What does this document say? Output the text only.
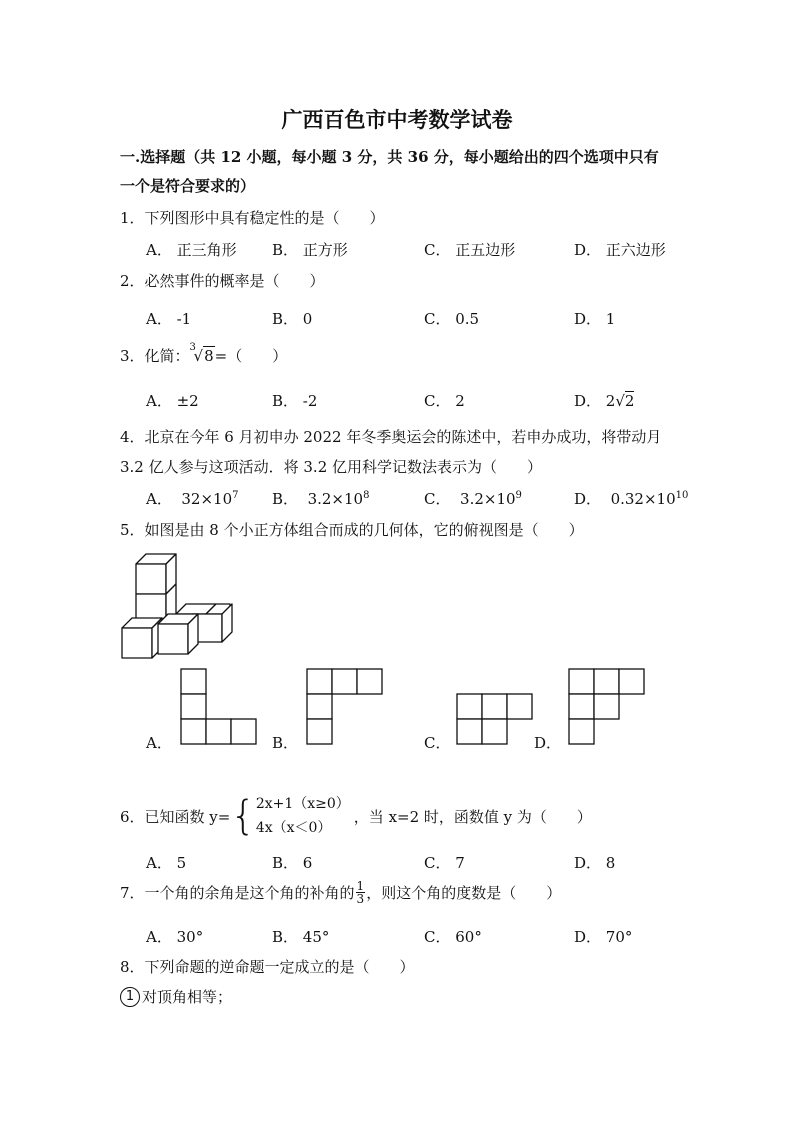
广西百色市中考数学试卷
一.选择题（共 12 小题，每小题 3 分，共 36 分，每小题给出的四个选项中只有
一个是符合要求的）
1．下列图形中具有稳定性的是（　　）
A． 正三角形 B． 正方形	C． 正五边形	D． 正六边形
2．必然事件的概率是（　　）
A． -1	B． 0	C． 0.5	D． 1
3．化简： 3
√8 =（　　）
A． ±2	B． -2	C． 2	D． 2 √ 2
4．北京在今年 6 月初申办 2022 年冬季奥运会的陈述中，若申办成功，将带动月
3.2 亿人参与这项活动．将 3.2 亿用科学记数法表示为（　　）
A． $32\times 10^7$ B． $3.2\times 10^8$	C． $3.2\times 10^9$	D． $0.32\times 10^{10}$
5．如图是由 8 个小正方体组合而成的几何体，它的俯视图是（　　）
A．	B．	C．	D．
6．已知函数 y= { 2x+1（x≥0）
4x（x＜0）
，当 x=2 时，函数值 y 为（　　）
A． 5	B． 6	C． 7	D． 8
7．一个角的余角是这个角的补角的 $\frac{1}{3}$ ，则这个角的度数是（　　）
A． 30°	B． 45°	C． 60°	D． 70°
8．下列命题的逆命题一定成立的是（　　）
1 对顶角相等；
